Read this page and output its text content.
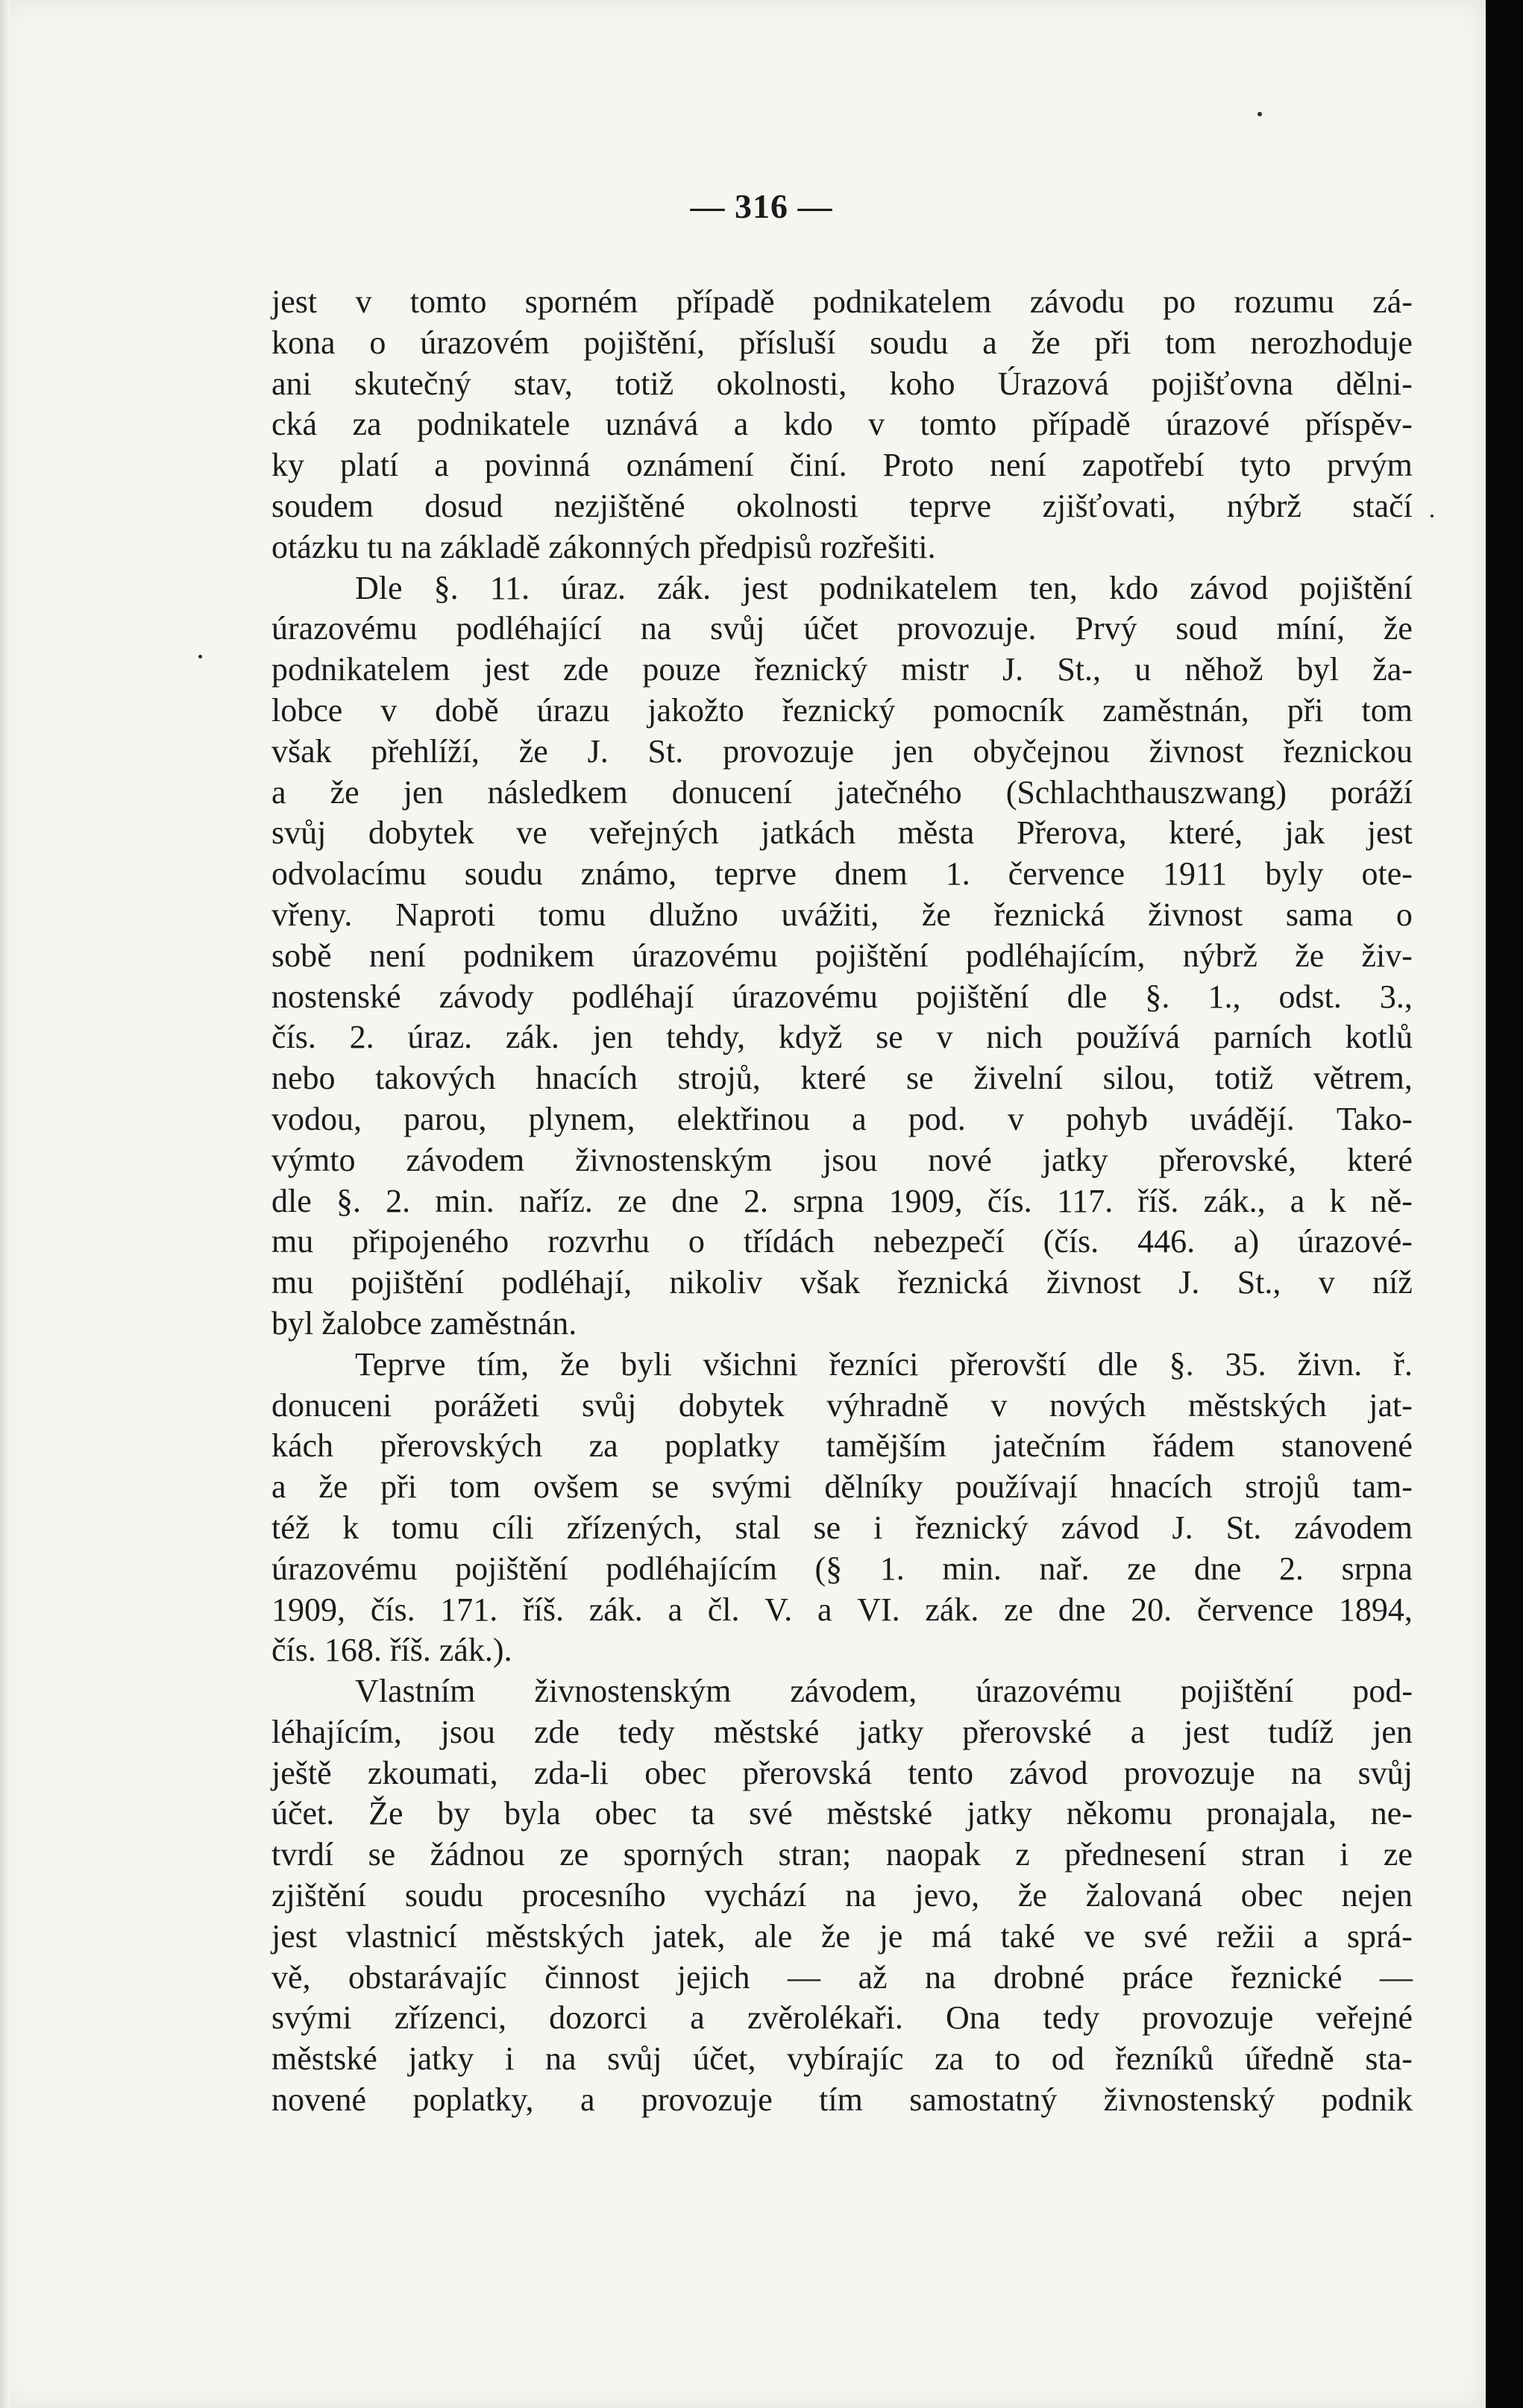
— 316 —
jest v tomto sporném případě podnikatelem závodu po rozumu zá-
kona o úrazovém pojištění, přísluší soudu a že při tom nerozhoduje
ani skutečný stav, totiž okolnosti, koho Úrazová pojišťovna dělni-
cká za podnikatele uznává a kdo v tomto případě úrazové příspěv-
ky platí a povinná oznámení činí. Proto není zapotřebí tyto prvým
soudem dosud nezjištěné okolnosti teprve zjišťovati, nýbrž stačí
otázku tu na základě zákonných předpisů rozřešiti.
Dle §. 11. úraz. zák. jest podnikatelem ten, kdo závod pojištění
úrazovému podléhající na svůj účet provozuje. Prvý soud míní, že
podnikatelem jest zde pouze řeznický mistr J. St., u něhož byl ža-
lobce v době úrazu jakožto řeznický pomocník zaměstnán, při tom
však přehlíží, že J. St. provozuje jen obyčejnou živnost řeznickou
a že jen následkem donucení jatečného (Schlachthauszwang) poráží
svůj dobytek ve veřejných jatkách města Přerova, které, jak jest
odvolacímu soudu známo, teprve dnem 1. července 1911 byly ote-
vřeny. Naproti tomu dlužno uvážiti, že řeznická živnost sama o
sobě není podnikem úrazovému pojištění podléhajícím, nýbrž že živ-
nostenské závody podléhají úrazovému pojištění dle §. 1., odst. 3.,
čís. 2. úraz. zák. jen tehdy, když se v nich používá parních kotlů
nebo takových hnacích strojů, které se živelní silou, totiž větrem,
vodou, parou, plynem, elektřinou a pod. v pohyb uvádějí. Tako-
výmto závodem živnostenským jsou nové jatky přerovské, které
dle §. 2. min. naříz. ze dne 2. srpna 1909, čís. 117. říš. zák., a k ně-
mu připojeného rozvrhu o třídách nebezpečí (čís. 446. a) úrazové-
mu pojištění podléhají, nikoliv však řeznická živnost J. St., v níž
byl žalobce zaměstnán.
Teprve tím, že byli všichni řezníci přerovští dle §. 35. živn. ř.
donuceni porážeti svůj dobytek výhradně v nových městských jat-
kách přerovských za poplatky tamějším jatečním řádem stanovené
a že při tom ovšem se svými dělníky používají hnacích strojů tam-
též k tomu cíli zřízených, stal se i řeznický závod J. St. závodem
úrazovému pojištění podléhajícím (§ 1. min. nař. ze dne 2. srpna
1909, čís. 171. říš. zák. a čl. V. a VI. zák. ze dne 20. července 1894,
čís. 168. říš. zák.).
Vlastním živnostenským závodem, úrazovému pojištění pod-
léhajícím, jsou zde tedy městské jatky přerovské a jest tudíž jen
ještě zkoumati, zda-li obec přerovská tento závod provozuje na svůj
účet. Že by byla obec ta své městské jatky někomu pronajala, ne-
tvrdí se žádnou ze sporných stran; naopak z přednesení stran i ze
zjištění soudu procesního vychází na jevo, že žalovaná obec nejen
jest vlastnicí městských jatek, ale že je má také ve své režii a sprá-
vě, obstarávajíc činnost jejich — až na drobné práce řeznické —
svými zřízenci, dozorci a zvěrolékaři. Ona tedy provozuje veřejné
městské jatky i na svůj účet, vybírajíc za to od řezníků úředně sta-
novené poplatky, a provozuje tím samostatný živnostenský podnik
